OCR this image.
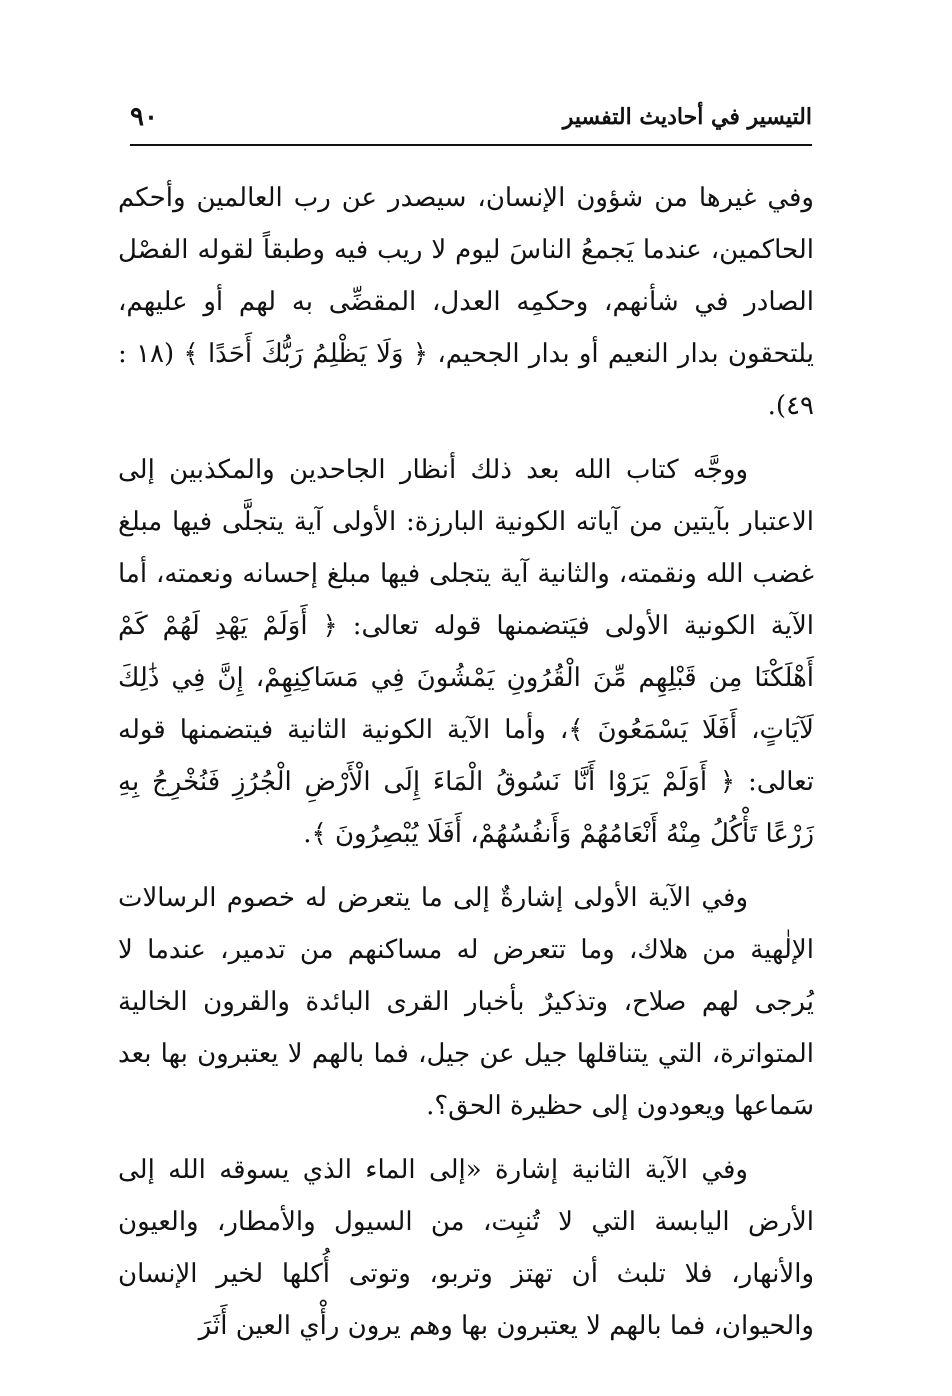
٩٠	التيسير في أحاديث التفسير

وفي غيرها من شؤون الإنسان، سيصدر عن رب العالمين وأحكم الحاكمين، عندما يَجمعُ الناسَ ليوم لا ريب فيه وطبقاً لقوله الفصْل الصادر في شأنهم، وحكمِه العدل، المقضِّى به لهم أو عليهم، يلتحقون بدار النعيم أو بدار الجحيم، ﴿ وَلَا يَظْلِمُ رَبُّكَ أَحَدًا ﴾ (١٨ : ٤٩).

ووجَّه كتاب الله بعد ذلك أنظار الجاحدين والمكذبين إلى الاعتبار بآيتين من آياته الكونية البارزة: الأولى آية يتجلَّى فيها مبلغ غضب الله ونقمته، والثانية آية يتجلى فيها مبلغ إحسانه ونعمته، أما الآية الكونية الأولى فيَتضمنها قوله تعالى: ﴿ أَوَلَمْ يَهْدِ لَهُمْ كَمْ أَهْلَكْنَا مِن قَبْلِهِم مِّنَ الْقُرُونِ يَمْشُونَ فِي مَسَاكِنِهِمْ، إِنَّ فِي ذَٰلِكَ لَآيَاتٍ، أَفَلَا يَسْمَعُونَ ﴾، وأما الآية الكونية الثانية فيتضمنها قوله تعالى: ﴿ أَوَلَمْ يَرَوْا أَنَّا نَسُوقُ الْمَاءَ إِلَى الْأَرْضِ الْجُرُزِ فَنُخْرِجُ بِهِ زَرْعًا تَأْكُلُ مِنْهُ أَنْعَامُهُمْ وَأَنفُسُهُمْ، أَفَلَا يُبْصِرُونَ ﴾.

وفي الآية الأولى إشارةٌ إلى ما يتعرض له خصوم الرسالات الإلٰهية من هلاك، وما تتعرض له مساكنهم من تدمير، عندما لا يُرجى لهم صلاح، وتذكيرٌ بأخبار القرى البائدة والقرون الخالية المتواترة، التي يتناقلها جيل عن جيل، فما بالهم لا يعتبرون بها بعد سَماعها ويعودون إلى حظيرة الحق؟.

وفي الآية الثانية إشارة «إلى الماء الذي يسوقه الله إلى الأرض اليابسة التي لا تُنبِت، من السيول والأمطار، والعيون والأنهار، فلا تلبث أن تهتز وتربو، وتوتى أُكلها لخير الإنسان والحيوان، فما بالهم لا يعتبرون بها وهم يرون رأْي العين أَثَرَ
